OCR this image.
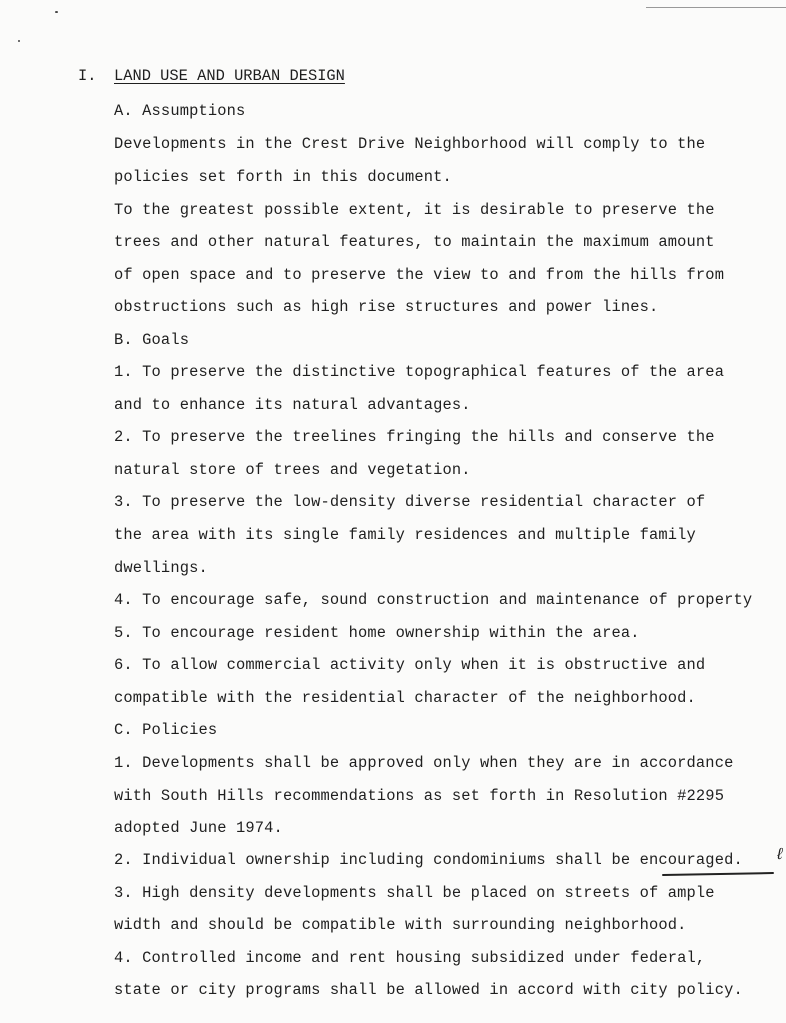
I. LAND USE AND URBAN DESIGN
A. Assumptions
Developments in the Crest Drive Neighborhood will comply to the
policies set forth in this document.
To the greatest possible extent, it is desirable to preserve the
trees and other natural features, to maintain the maximum amount
of open space and to preserve the view to and from the hills from
obstructions such as high rise structures and power lines.
B. Goals
1. To preserve the distinctive topographical features of the area
and to enhance its natural advantages.
2. To preserve the treelines fringing the hills and conserve the
natural store of trees and vegetation.
3. To preserve the low-density diverse residential character of
the area with its single family residences and multiple family
dwellings.
4. To encourage safe, sound construction and maintenance of property
5. To encourage resident home ownership within the area.
6. To allow commercial activity only when it is obstructive and
compatible with the residential character of the neighborhood.
C. Policies
1. Developments shall be approved only when they are in accordance
with South Hills recommendations as set forth in Resolution #2295
adopted June 1974.
2. Individual ownership including condominiums shall be encouraged.
3. High density developments shall be placed on streets of ample
width and should be compatible with surrounding neighborhood.
4. Controlled income and rent housing subsidized under federal,
state or city programs shall be allowed in accord with city policy.
ℓ
